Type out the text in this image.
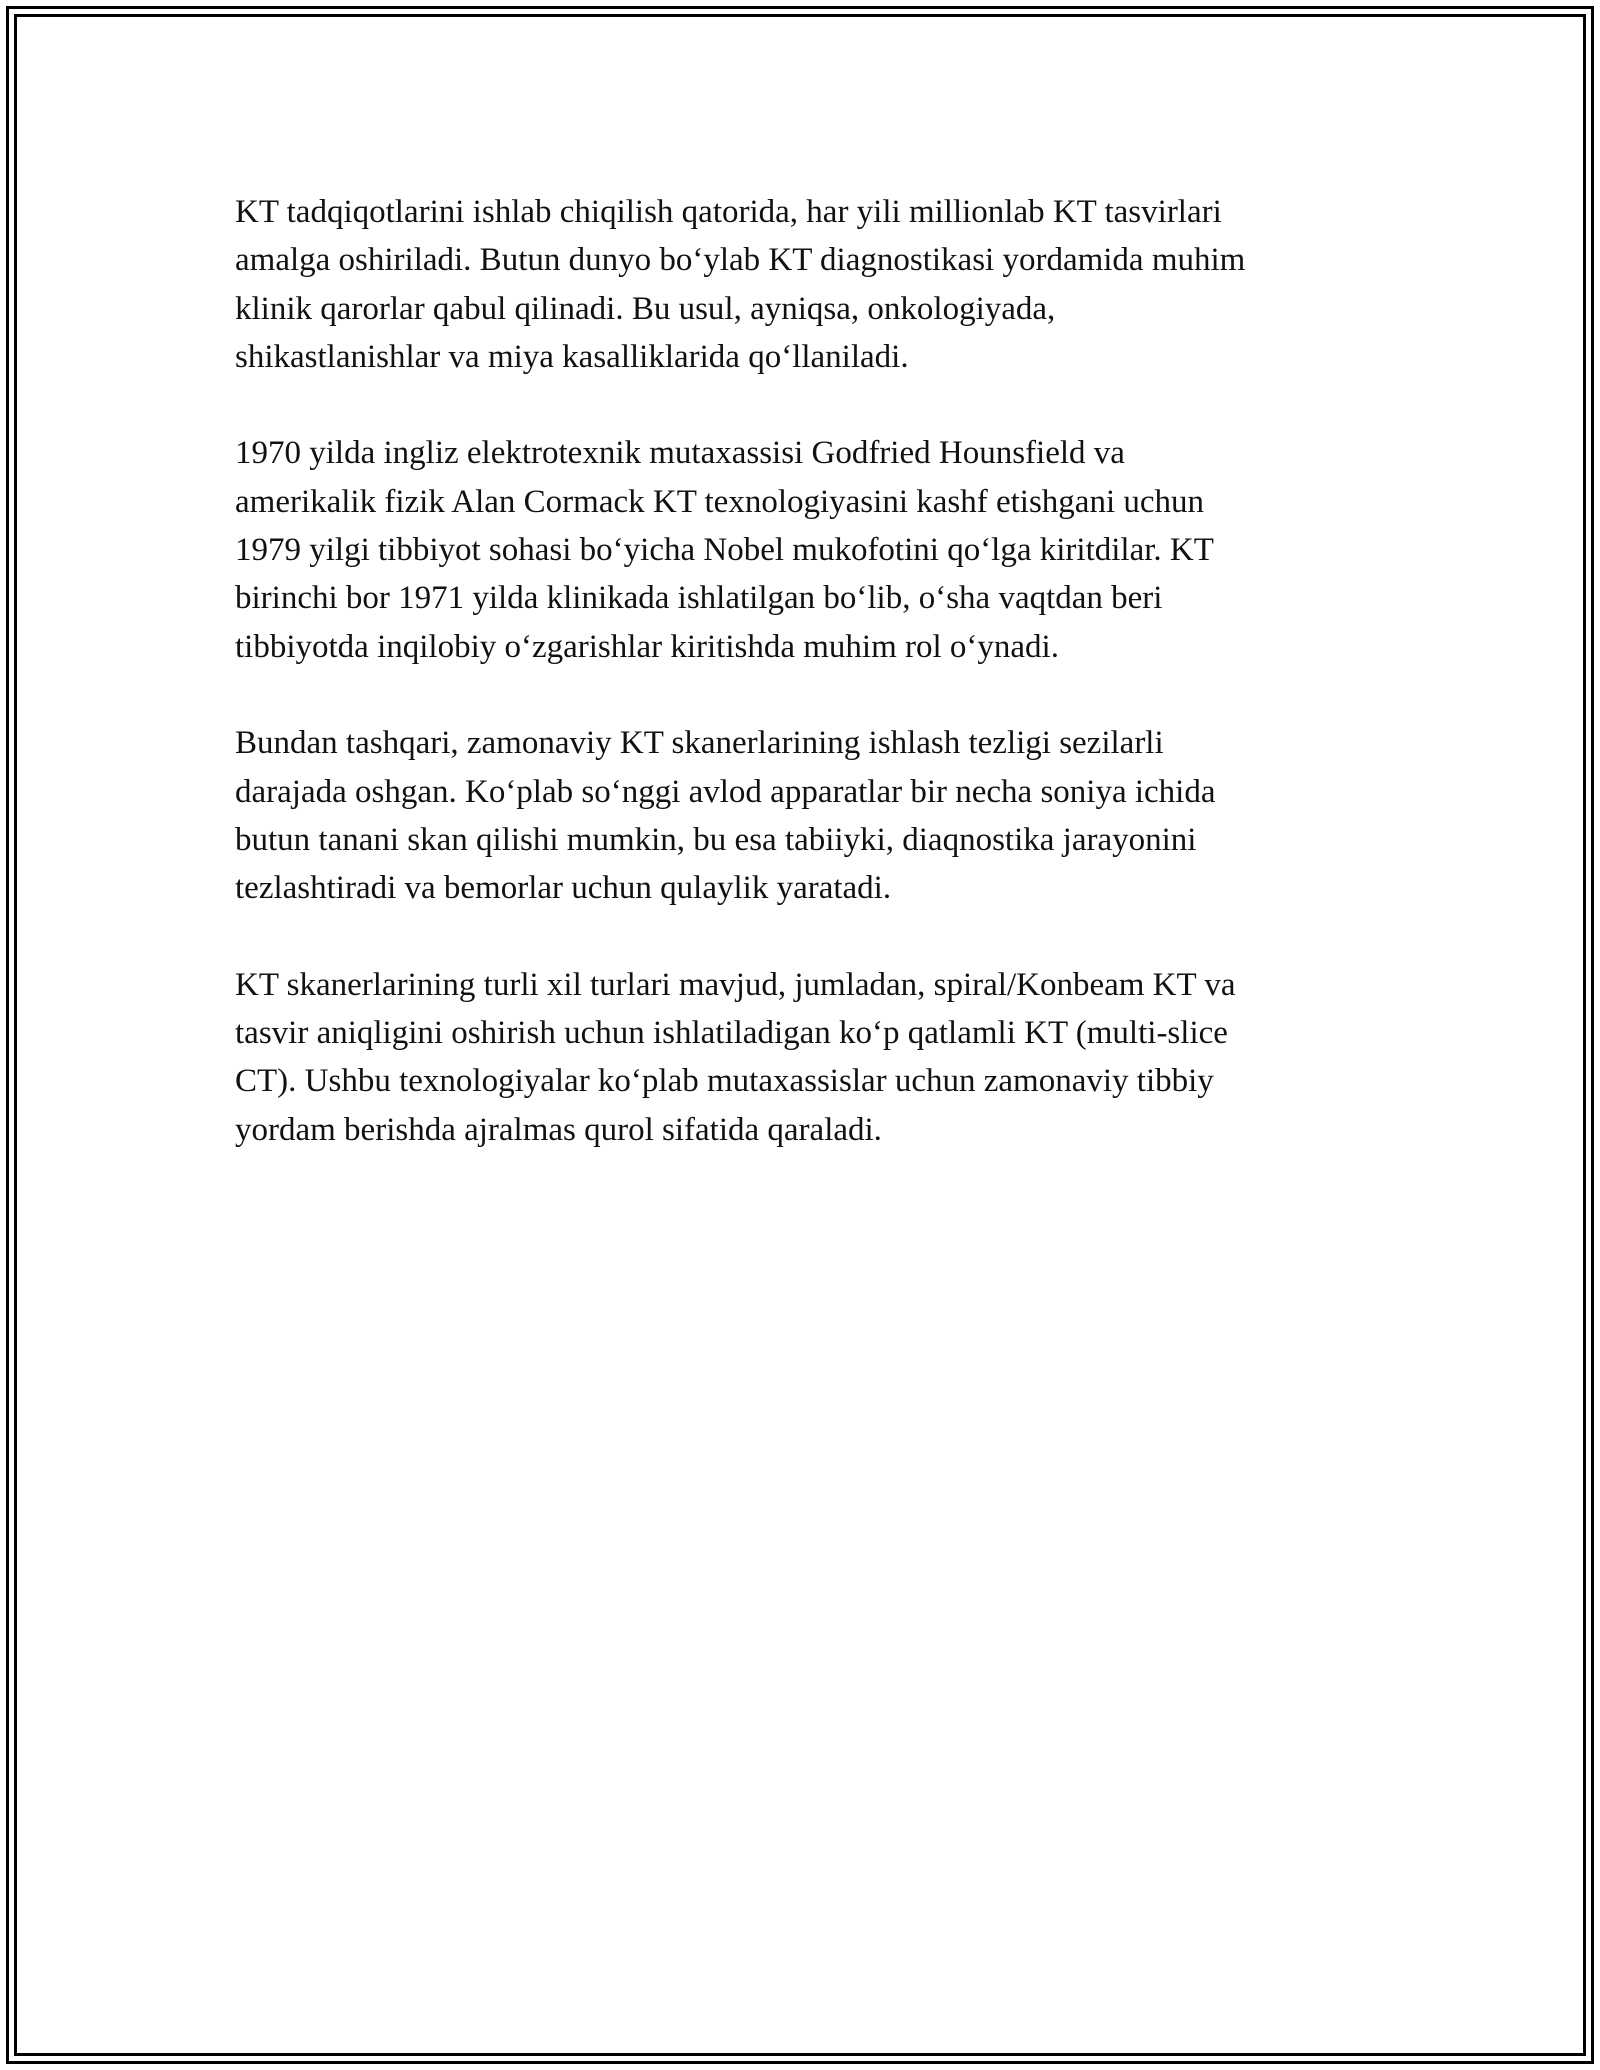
KT tadqiqotlarini ishlab chiqilish qatorida, har yili millionlab KT tasvirlari
amalga oshiriladi. Butun dunyo boʻylab KT diagnostikasi yordamida muhim
klinik qarorlar qabul qilinadi. Bu usul, ayniqsa, onkologiyada,
shikastlanishlar va miya kasalliklarida qoʻllaniladi.

1970 yilda ingliz elektrotexnik mutaxassisi Godfried Hounsfield va
amerikalik fizik Alan Cormack KT texnologiyasini kashf etishgani uchun
1979 yilgi tibbiyot sohasi boʻyicha Nobel mukofotini qoʻlga kiritdilar. KT
birinchi bor 1971 yilda klinikada ishlatilgan boʻlib, oʻsha vaqtdan beri
tibbiyotda inqilobiy oʻzgarishlar kiritishda muhim rol oʻynadi.

Bundan tashqari, zamonaviy KT skanerlarining ishlash tezligi sezilarli
darajada oshgan. Koʻplab soʻnggi avlod apparatlar bir necha soniya ichida
butun tanani skan qilishi mumkin, bu esa tabiiyki, diaqnostika jarayonini
tezlashtiradi va bemorlar uchun qulaylik yaratadi.

KT skanerlarining turli xil turlari mavjud, jumladan, spiral/Konbeam KT va
tasvir aniqligini oshirish uchun ishlatiladigan koʻp qatlamli KT (multi-slice
CT). Ushbu texnologiyalar koʻplab mutaxassislar uchun zamonaviy tibbiy
yordam berishda ajralmas qurol sifatida qaraladi.
